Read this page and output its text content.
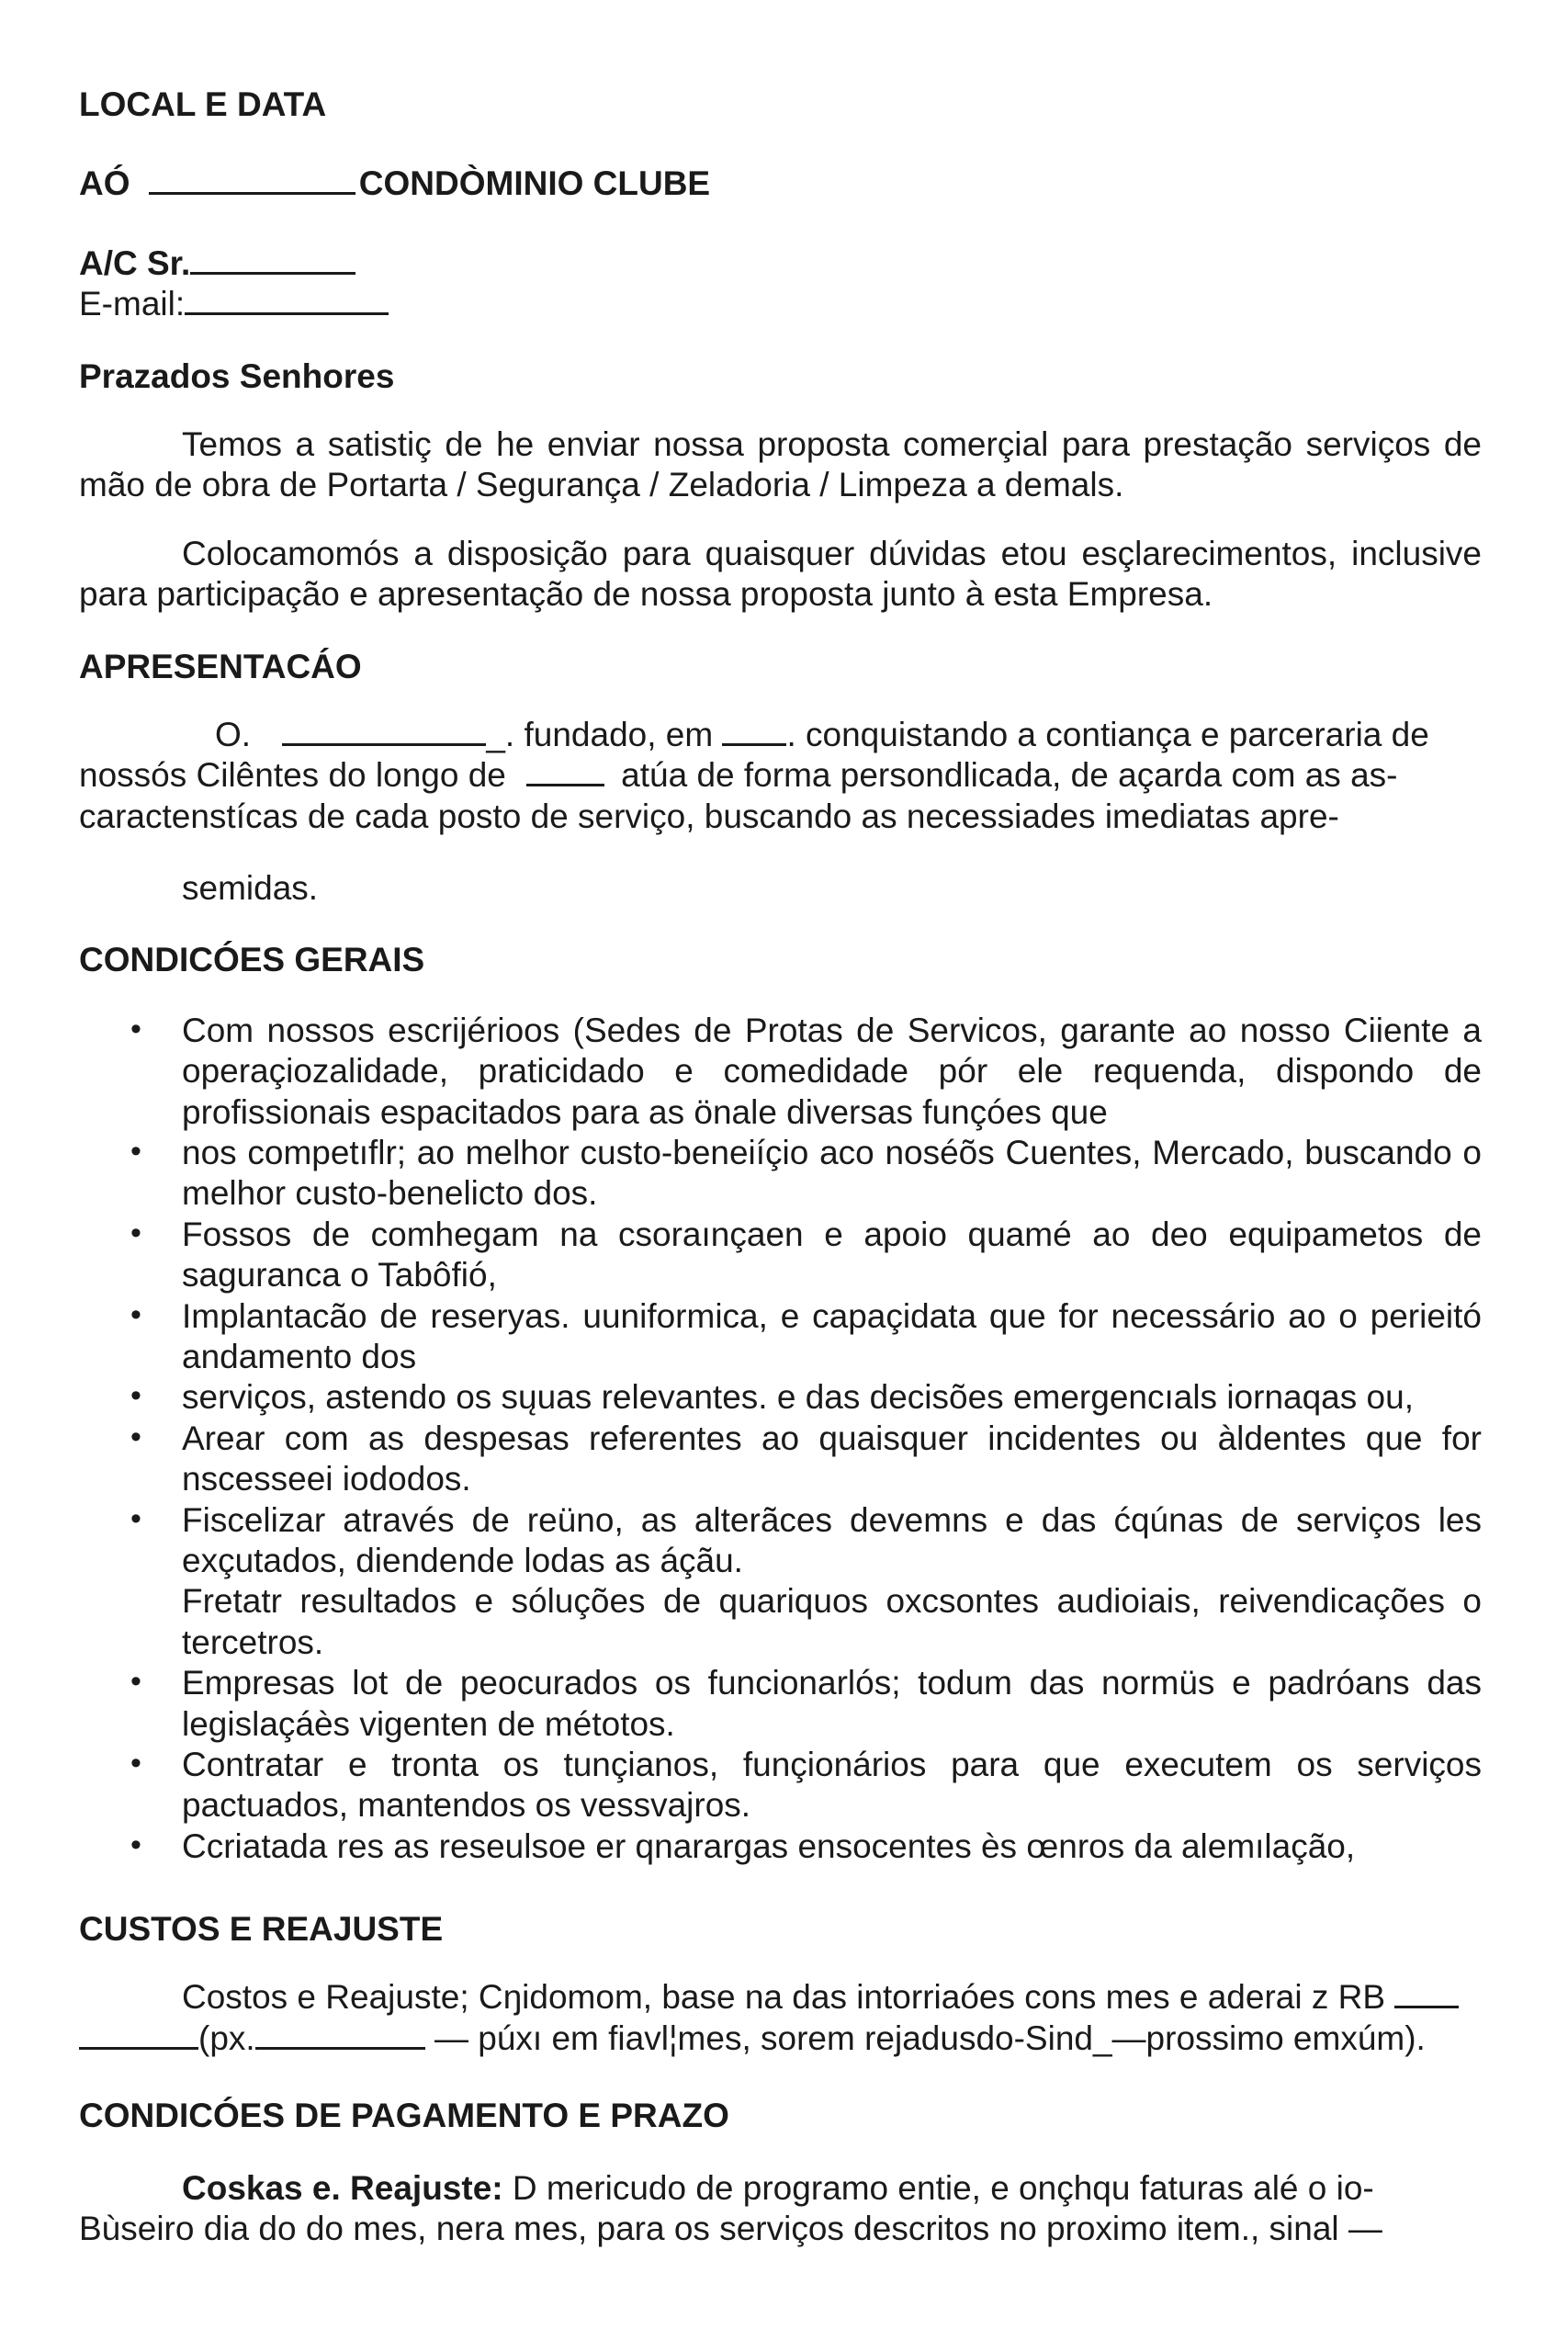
LOCAL E DATA

AÓ	CONDÒMINIO CLUBE

A/C Sr.

E-mail:

Prazados Senhores

Temos a satistiç de he enviar nossa proposta comerçial para prestação serviços de mão de obra de Portarta / Segurança / Zeladoria / Limpeza a demals.

Colocamomós a disposição para quaisquer dúvidas etou esçlarecimentos, inclusive para participação e apresentação de nossa proposta junto à esta Empresa.

APRESENTACÁO

O.	_. fundado, em . conquistando a contiança e parceraria de

nossós Cilêntes do longo de	atúa de forma persondlicada, de açarda com as as-

caractenstícas de cada posto de serviço, buscando as necessiades imediatas apre-

semidas.

CONDICÓES GERAIS

• Com nossos escrijériоos (Sedes de Protas de Servicos, garante ao nosso Ciiente a operaçiozalidade, praticidado e comedidade pór ele requenda, dispondo de profissionais espacitados para as önale diversas funçóes que
• nos competıflr; ao melhor custo-beneiíçio aco noséõs Cuentes, Mercado, buscando o melhor custo-benelicto dos.
• Fossos de comhegam na csoraınçaen e apoio quamé ao deo equipametos de saguranca o Tabôfió,
• Implantacão de reseryas. uuniformica, e capaçidata que for necessário ao o perieitó andamento dos
• serviços, astendo os sųuas relevantes. e das decisões emergencıals iornaqas ou,
• Arear com as despesas referentes ao quaisquer incidentes ou àldentes que for nscesseei iododos.
• Fiscelizar através de reüno, as alterãces devemns e das ćqúnas de serviços les exçutados, diendende lodas as áçãu.

Fretatr resultados e sóluções de quariquos oxcsontes audioiais, reivendicações o tercetros.

• Empresas lot de peocurados os funcionarlós; todum das normüs e padróans das legislaçáès vigenten de métotos.
• Contratar e tronta os tunçianos, funçionários para que executem os serviços pactuados, mantendos os vessvajros.
• Ccriatada res as reseulsoe er qnarargas ensocentes ès œnros da alemılação,

CUSTOS E REAJUSTE

Costos e Reajuste; Cŋidomom, base na das intorriaóes cons mes e aderai z RB

(px.	— púxı em fiavl¦mes, sorem rejadusdo-Sind_—prossimo emxúm).

CONDICÓES DE PAGAMENTO E PRAZO

Coskas e. Reajuste: D mericudo de programo entie, e onçhqu faturas alé o io-

Bùseiro dia do do mes, nera mes, para os serviços descritos no proximo item., sinal —
